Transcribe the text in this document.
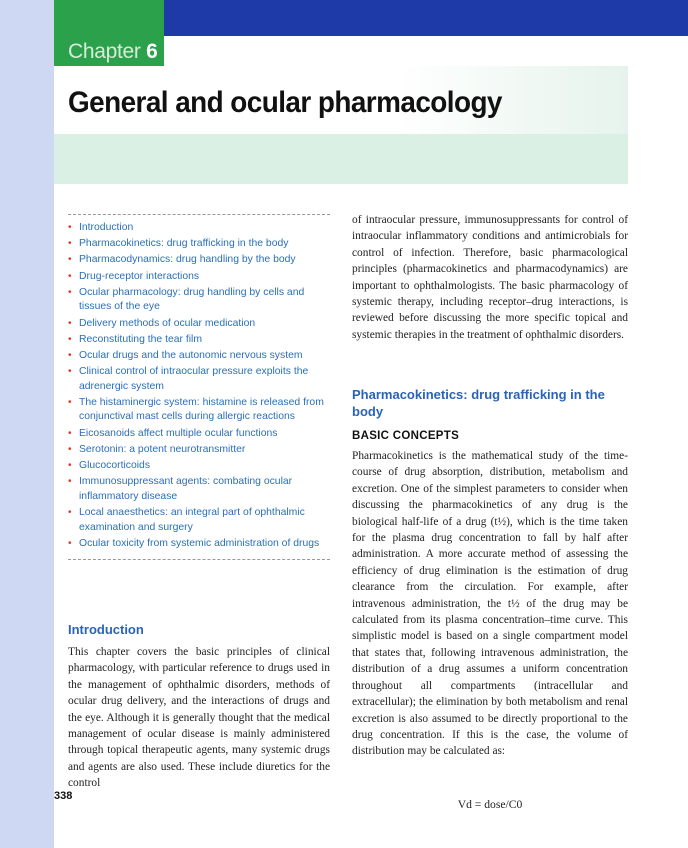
Chapter 6

General and ocular pharmacology
• Introduction
• Pharmacokinetics: drug trafficking in the body
• Pharmacodynamics: drug handling by the body
• Drug-receptor interactions
• Ocular pharmacology: drug handling by cells and tissues of the eye
• Delivery methods of ocular medication
• Reconstituting the tear film
• Ocular drugs and the autonomic nervous system
• Clinical control of intraocular pressure exploits the adrenergic system
• The histaminergic system: histamine is released from conjunctival mast cells during allergic reactions
• Eicosanoids affect multiple ocular functions
• Serotonin: a potent neurotransmitter
• Glucocorticoids
• Immunosuppressant agents: combating ocular inflammatory disease
• Local anaesthetics: an integral part of ophthalmic examination and surgery
• Ocular toxicity from systemic administration of drugs
Introduction

This chapter covers the basic principles of clinical pharmacology, with particular reference to drugs used in the management of ophthalmic disorders, methods of ocular drug delivery, and the interactions of drugs and the eye. Although it is generally thought that the medical management of ocular disease is mainly administered through topical therapeutic agents, many systemic drugs and agents are also used. These include diuretics for the control

of intraocular pressure, immunosuppressants for control of intraocular inflammatory conditions and antimicrobials for control of infection. Therefore, basic pharmacological principles (pharmacokinetics and pharmacodynamics) are important to ophthalmologists. The basic pharmacology of systemic therapy, including receptor–drug interactions, is reviewed before discussing the more specific topical and systemic therapies in the treatment of ophthalmic disorders.

Pharmacokinetics: drug trafficking in the body
BASIC CONCEPTS

Pharmacokinetics is the mathematical study of the time-course of drug absorption, distribution, metabolism and excretion. One of the simplest parameters to consider when discussing the pharmacokinetics of any drug is the biological half-life of a drug (t½), which is the time taken for the plasma drug concentration to fall by half after administration. A more accurate method of assessing the efficiency of drug elimination is the estimation of drug clearance from the circulation. For example, after intravenous administration, the t½ of the drug may be calculated from its plasma concentration–time curve. This simplistic model is based on a single compartment model that states that, following intravenous administration, the distribution of a drug assumes a uniform concentration throughout all compartments (intracellular and extracellular); the elimination by both metabolism and renal excretion is also assumed to be directly proportional to the drug concentration. If this is the case, the volume of distribution may be calculated as:

Vd = dose/C0

338
